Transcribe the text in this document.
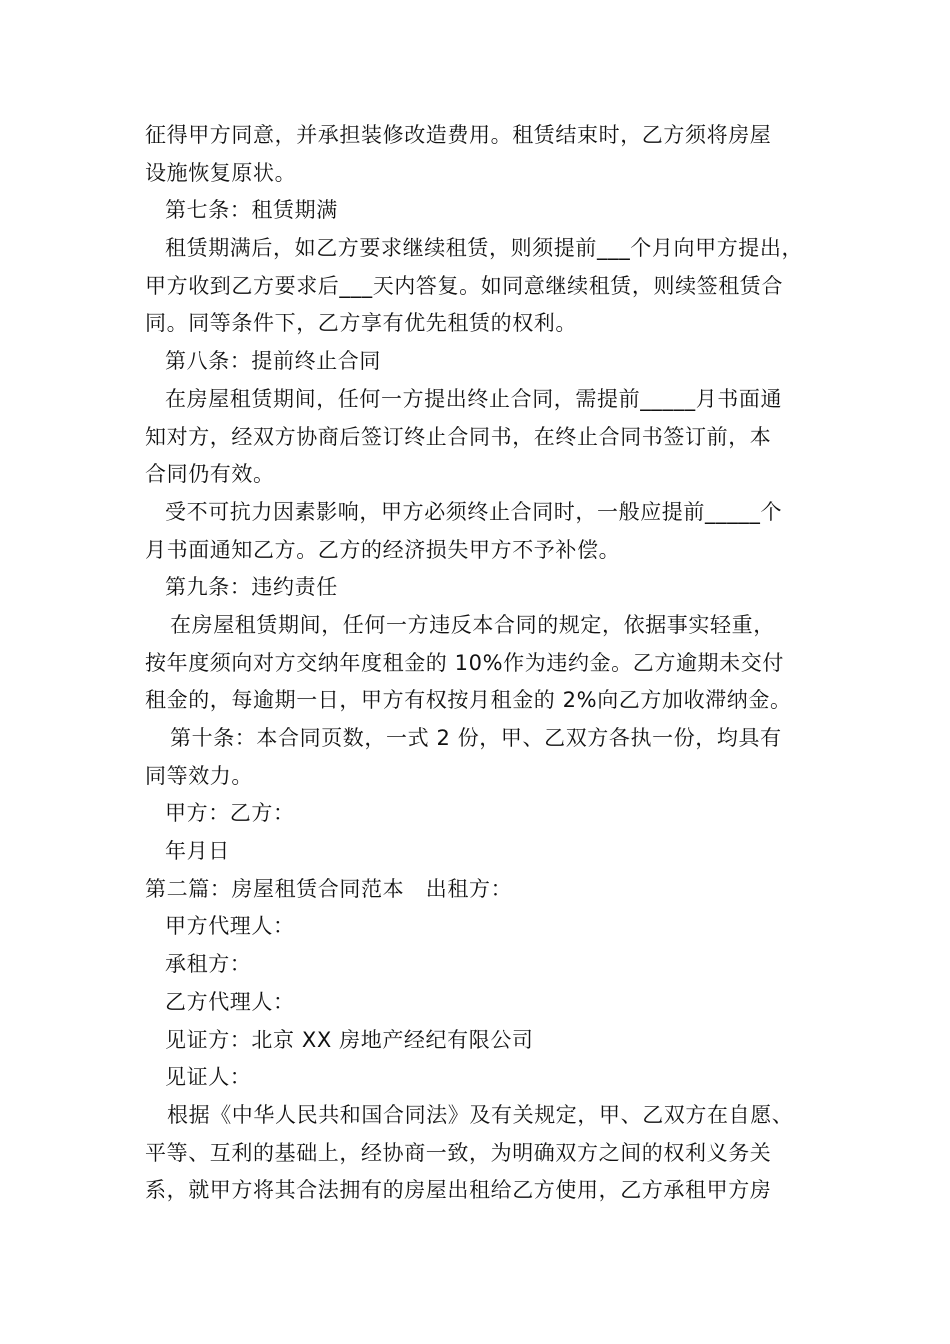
征得甲方同意，并承担装修改造费用。租赁结束时，乙方须将房屋
设施恢复原状。
第七条：租赁期满
租赁期满后，如乙方要求继续租赁，则须提前___个月向甲方提出，
甲方收到乙方要求后___天内答复。如同意继续租赁，则续签租赁合
同。同等条件下，乙方享有优先租赁的权利。
第八条：提前终止合同
在房屋租赁期间，任何一方提出终止合同，需提前_____月书面通
知对方，经双方协商后签订终止合同书，在终止合同书签订前，本
合同仍有效。
受不可抗力因素影响，甲方必须终止合同时，一般应提前_____个
月书面通知乙方。乙方的经济损失甲方不予补偿。
第九条：违约责任
在房屋租赁期间，任何一方违反本合同的规定，依据事实轻重，
按年度须向对方交纳年度租金的 10%作为违约金。乙方逾期未交付
租金的，每逾期一日，甲方有权按月租金的 2%向乙方加收滞纳金。
第十条：本合同页数，一式 2 份，甲、乙双方各执一份，均具有
同等效力。
甲方：乙方：
年月日
第二篇：房屋租赁合同范本　出租方：
甲方代理人：
承租方：
乙方代理人：
见证方：北京 XX 房地产经纪有限公司
见证人：
根据《中华人民共和国合同法》及有关规定，甲、乙双方在自愿、
平等、互利的基础上，经协商一致，为明确双方之间的权利义务关
系，就甲方将其合法拥有的房屋出租给乙方使用，乙方承租甲方房
